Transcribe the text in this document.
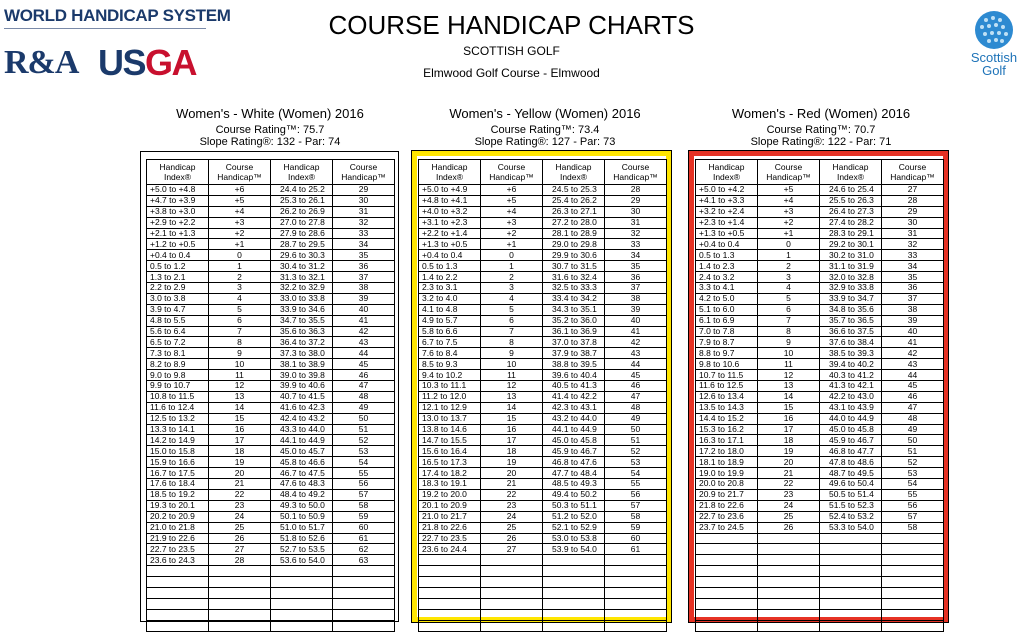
WORLD HANDICAP SYSTEM
R&A USGA	Scottish
Golf
COURSE HANDICAP CHARTS
SCOTTISH GOLF
Elmwood Golf Course - Elmwood
Women's - White (Women) 2016
Course Rating™: 75.7
Slope Rating®: 132 - Par: 74
Women's - Yellow (Women) 2016
Course Rating™: 73.4
Slope Rating®: 127 - Par: 73
Women's - Red (Women) 2016
Course Rating™: 70.7
Slope Rating®: 122 - Par: 71
Handicap Index®	Course Handicap™	Handicap Index®	Course Handicap™
+5.0 to +4.8	+6	24.4 to 25.2	29
+4.7 to +3.9	+5	25.3 to 26.1	30
+3.8 to +3.0	+4	26.2 to 26.9	31
+2.9 to +2.2	+3	27.0 to 27.8	32
+2.1 to +1.3	+2	27.9 to 28.6	33
+1.2 to +0.5	+1	28.7 to 29.5	34
+0.4 to 0.4	0	29.6 to 30.3	35
0.5 to 1.2	1	30.4 to 31.2	36
1.3 to 2.1	2	31.3 to 32.1	37
2.2 to 2.9	3	32.2 to 32.9	38
3.0 to 3.8	4	33.0 to 33.8	39
3.9 to 4.7	5	33.9 to 34.6	40
4.8 to 5.5	6	34.7 to 35.5	41
5.6 to 6.4	7	35.6 to 36.3	42
6.5 to 7.2	8	36.4 to 37.2	43
7.3 to 8.1	9	37.3 to 38.0	44
8.2 to 8.9	10	38.1 to 38.9	45
9.0 to 9.8	11	39.0 to 39.8	46
9.9 to 10.7	12	39.9 to 40.6	47
10.8 to 11.5	13	40.7 to 41.5	48
11.6 to 12.4	14	41.6 to 42.3	49
12.5 to 13.2	15	42.4 to 43.2	50
13.3 to 14.1	16	43.3 to 44.0	51
14.2 to 14.9	17	44.1 to 44.9	52
15.0 to 15.8	18	45.0 to 45.7	53
15.9 to 16.6	19	45.8 to 46.6	54
16.7 to 17.5	20	46.7 to 47.5	55
17.6 to 18.4	21	47.6 to 48.3	56
18.5 to 19.2	22	48.4 to 49.2	57
19.3 to 20.1	23	49.3 to 50.0	58
20.2 to 20.9	24	50.1 to 50.9	59
21.0 to 21.8	25	51.0 to 51.7	60
21.9 to 22.6	26	51.8 to 52.6	61
22.7 to 23.5	27	52.7 to 53.5	62
23.6 to 24.3	28	53.6 to 54.0	63

Handicap Index®	Course Handicap™	Handicap Index®	Course Handicap™
+5.0 to +4.9	+6	24.5 to 25.3	28
+4.8 to +4.1	+5	25.4 to 26.2	29
+4.0 to +3.2	+4	26.3 to 27.1	30
+3.1 to +2.3	+3	27.2 to 28.0	31
+2.2 to +1.4	+2	28.1 to 28.9	32
+1.3 to +0.5	+1	29.0 to 29.8	33
+0.4 to 0.4	0	29.9 to 30.6	34
0.5 to 1.3	1	30.7 to 31.5	35
1.4 to 2.2	2	31.6 to 32.4	36
2.3 to 3.1	3	32.5 to 33.3	37
3.2 to 4.0	4	33.4 to 34.2	38
4.1 to 4.8	5	34.3 to 35.1	39
4.9 to 5.7	6	35.2 to 36.0	40
5.8 to 6.6	7	36.1 to 36.9	41
6.7 to 7.5	8	37.0 to 37.8	42
7.6 to 8.4	9	37.9 to 38.7	43
8.5 to 9.3	10	38.8 to 39.5	44
9.4 to 10.2	11	39.6 to 40.4	45
10.3 to 11.1	12	40.5 to 41.3	46
11.2 to 12.0	13	41.4 to 42.2	47
12.1 to 12.9	14	42.3 to 43.1	48
13.0 to 13.7	15	43.2 to 44.0	49
13.8 to 14.6	16	44.1 to 44.9	50
14.7 to 15.5	17	45.0 to 45.8	51
15.6 to 16.4	18	45.9 to 46.7	52
16.5 to 17.3	19	46.8 to 47.6	53
17.4 to 18.2	20	47.7 to 48.4	54
18.3 to 19.1	21	48.5 to 49.3	55
19.2 to 20.0	22	49.4 to 50.2	56
20.1 to 20.9	23	50.3 to 51.1	57
21.0 to 21.7	24	51.2 to 52.0	58
21.8 to 22.6	25	52.1 to 52.9	59
22.7 to 23.5	26	53.0 to 53.8	60
23.6 to 24.4	27	53.9 to 54.0	61

Handicap Index®	Course Handicap™	Handicap Index®	Course Handicap™
+5.0 to +4.2	+5	24.6 to 25.4	27
+4.1 to +3.3	+4	25.5 to 26.3	28
+3.2 to +2.4	+3	26.4 to 27.3	29
+2.3 to +1.4	+2	27.4 to 28.2	30
+1.3 to +0.5	+1	28.3 to 29.1	31
+0.4 to 0.4	0	29.2 to 30.1	32
0.5 to 1.3	1	30.2 to 31.0	33
1.4 to 2.3	2	31.1 to 31.9	34
2.4 to 3.2	3	32.0 to 32.8	35
3.3 to 4.1	4	32.9 to 33.8	36
4.2 to 5.0	5	33.9 to 34.7	37
5.1 to 6.0	6	34.8 to 35.6	38
6.1 to 6.9	7	35.7 to 36.5	39
7.0 to 7.8	8	36.6 to 37.5	40
7.9 to 8.7	9	37.6 to 38.4	41
8.8 to 9.7	10	38.5 to 39.3	42
9.8 to 10.6	11	39.4 to 40.2	43
10.7 to 11.5	12	40.3 to 41.2	44
11.6 to 12.5	13	41.3 to 42.1	45
12.6 to 13.4	14	42.2 to 43.0	46
13.5 to 14.3	15	43.1 to 43.9	47
14.4 to 15.2	16	44.0 to 44.9	48
15.3 to 16.2	17	45.0 to 45.8	49
16.3 to 17.1	18	45.9 to 46.7	50
17.2 to 18.0	19	46.8 to 47.7	51
18.1 to 18.9	20	47.8 to 48.6	52
19.0 to 19.9	21	48.7 to 49.5	53
20.0 to 20.8	22	49.6 to 50.4	54
20.9 to 21.7	23	50.5 to 51.4	55
21.8 to 22.6	24	51.5 to 52.3	56
22.7 to 23.6	25	52.4 to 53.2	57
23.7 to 24.5	26	53.3 to 54.0	58
